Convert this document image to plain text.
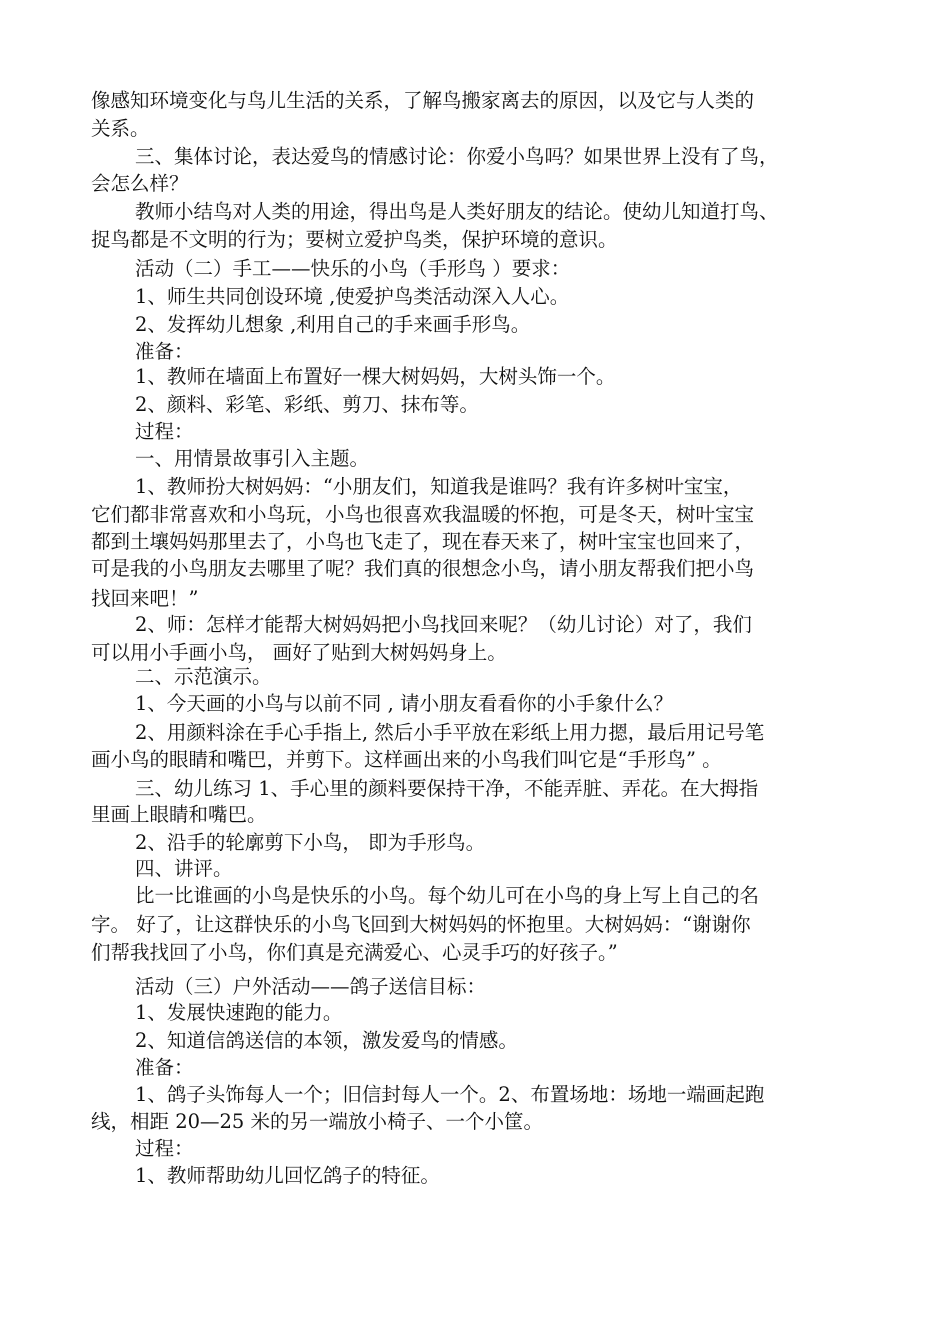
像感知环境变化与鸟儿生活的关系，了解鸟搬家离去的原因，以及它与人类的
关系。
三、集体讨论，表达爱鸟的情感讨论：你爱小鸟吗？如果世界上没有了鸟，
会怎么样？
教师小结鸟对人类的用途，得出鸟是人类好朋友的结论。使幼儿知道打鸟、
捉鸟都是不文明的行为；要树立爱护鸟类，保护环境的意识。
活动（二）手工——快乐的小鸟（手形鸟 ）要求：
1、师生共同创设环境 ,使爱护鸟类活动深入人心。
2、发挥幼儿想象 ,利用自己的手来画手形鸟。
准备：
1、教师在墙面上布置好一棵大树妈妈，大树头饰一个。
2、颜料、彩笔、彩纸、剪刀、抹布等。
过程：
一、用情景故事引入主题。
1、教师扮大树妈妈：“小朋友们，知道我是谁吗？我有许多树叶宝宝，
它们都非常喜欢和小鸟玩，小鸟也很喜欢我温暖的怀抱，可是冬天，树叶宝宝
都到土壤妈妈那里去了，小鸟也飞走了，现在春天来了，树叶宝宝也回来了，
可是我的小鸟朋友去哪里了呢？我们真的很想念小鸟，请小朋友帮我们把小鸟
找回来吧！”
2、师：怎样才能帮大树妈妈把小鸟找回来呢？（幼儿讨论）对了，我们
可以用小手画小鸟， 画好了贴到大树妈妈身上。
二、示范演示。
1、今天画的小鸟与以前不同 , 请小朋友看看你的小手象什么？
2、用颜料涂在手心手指上, 然后小手平放在彩纸上用力摁，最后用记号笔
画小鸟的眼睛和嘴巴，并剪下。这样画出来的小鸟我们叫它是“手形鸟” 。
三、幼儿练习 1、手心里的颜料要保持干净，不能弄脏、弄花。在大拇指
里画上眼睛和嘴巴。
2、沿手的轮廓剪下小鸟， 即为手形鸟。
四、讲评。
比一比谁画的小鸟是快乐的小鸟。每个幼儿可在小鸟的身上写上自己的名
字。 好了，让这群快乐的小鸟飞回到大树妈妈的怀抱里。大树妈妈：“谢谢你
们帮我找回了小鸟，你们真是充满爱心、心灵手巧的好孩子。”
活动（三）户外活动——鸽子送信目标：
1、发展快速跑的能力。
2、知道信鸽送信的本领，激发爱鸟的情感。
准备：
1、鸽子头饰每人一个；旧信封每人一个。2、布置场地：场地一端画起跑
线，相距 20—25 米的另一端放小椅子、一个小筐。
过程：
1、教师帮助幼儿回忆鸽子的特征。
